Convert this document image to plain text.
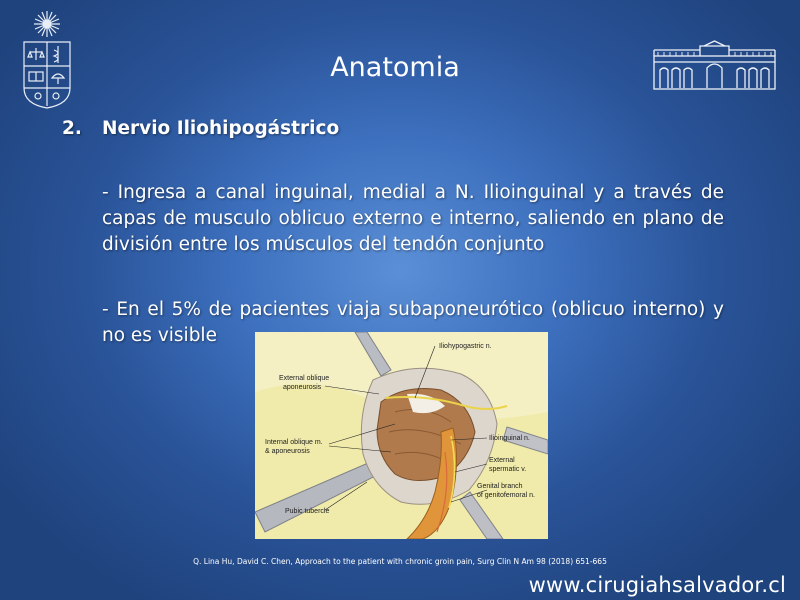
Anatomia
2. Nervio Iliohipogástrico
- Ingresa a canal inguinal, medial a N. Ilioinguinal y a través de capas de musculo oblicuo externo e interno, saliendo en plano de división entre los músculos del tendón conjunto
- En el 5% de pacientes viaja subaponeurótico (oblicuo interno) y no es visible
Iliohypogastric n.
External oblique
aponeurosis
Internal oblique m.
& aponeurosis
Ilioinguinal n.
External
spermatic v.
Genital branch
of genitofemoral n.
Pubic tubercle
Q. Lina Hu, David C. Chen, Approach to the patient with chronic groin pain, Surg Clin N Am 98 (2018) 651-665
www.cirugiahsalvador.cl
